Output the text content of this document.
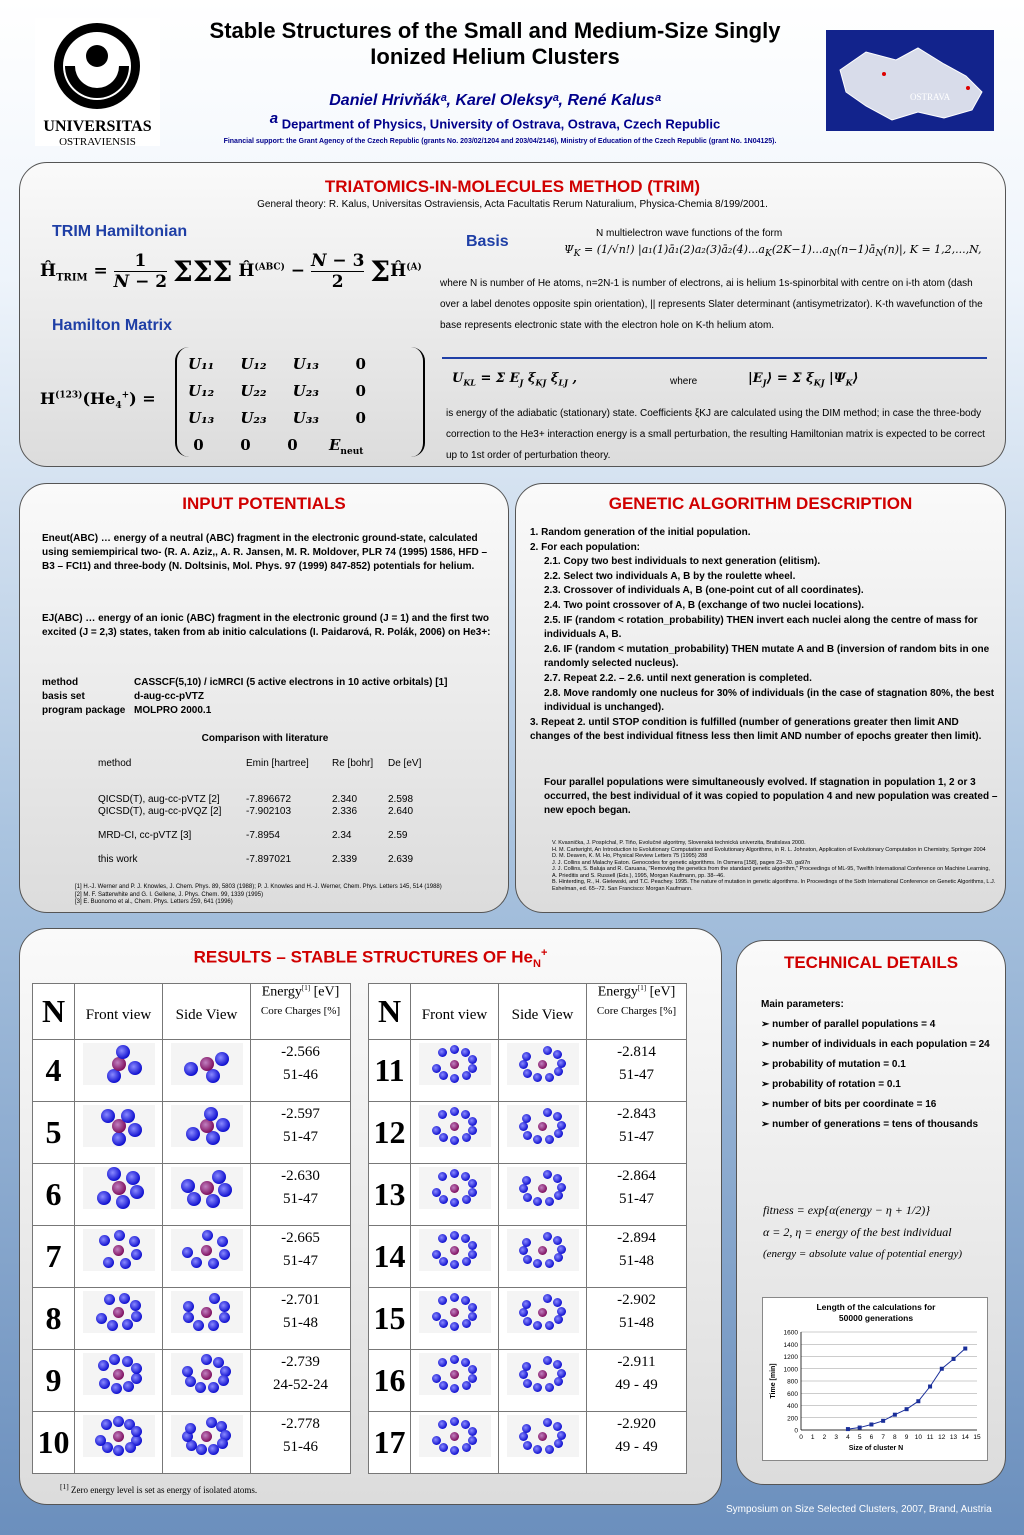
UNIVERSITAS
OSTRAVIENSIS
Stable Structures of the Small and Medium-Size Singly Ionized Helium Clusters
Daniel Hrivňákᵃ, Karel Oleksyᵃ, René Kalusᵃ
$^a$ Department of Physics, University of Ostrava, Ostrava, Czech Republic
Financial support: the Grant Agency of the Czech Republic (grants No. 203/02/1204 and 203/04/2146), Ministry of Education of the Czech Republic (grant No. 1N04125).
OSTRAVA
TRIATOMICS-IN-MOLECULES METHOD (TRIM)
General theory: R. Kalus, Universitas Ostraviensis, Acta Facultatis Rerum Naturalium, Physica-Chemia 8/199/2001.
TRIM Hamiltonian
$Ĥ_{TRIM}$ =	1
N − 2 ΣΣΣ $Ĥ^{(ABC)} - N - 3$
2 $\Sigma Ĥ^{(A)}$
Hamilton Matrix
$H^{(123)}(He_4^+)$ =
U₁₁     U₁₂     U₁₃       0
U₁₂     U₂₂     U₂₃       0
U₁₃     U₂₃     U₃₃       0
0       0       0      $E_{neut}$
Basis	N multielectron wave functions of the form
$\Psi_K = (1/√n!)$ $|a_1(1)ā_1(2)a_2(3)ā_2(4)...a_K(2K-1)...a_N(n-1)ā_N(n)|$, K = 1,2,...,N,
where N is number of He atoms, n=2N-1 is number of electrons, ai is helium 1s-spinorbital with centre on i-th atom (dash over a label denotes opposite spin orientation), || represents Slater determinant (antisymetrizator). K-th wavefunction of the base represents electronic state with the electron hole on K-th helium atom.
$U_{KL} = \Sigma$ $E_J$ $\xi_{KJ}$ $\xi_{LJ}$ ,	where	$|E_J⟩ = \Sigma$ $\xi_{KJ}$ $|\Psi_K⟩$
is energy of the adiabatic (stationary) state. Coefficients ξKJ are calculated using the DIM method; in case the three-body correction to the He3+ interaction energy is a small perturbation, the resulting Hamiltonian matrix is expected to be correct up to 1st order of perturbation theory.
INPUT POTENTIALS
Eneut(ABC) … energy of a neutral (ABC) fragment in the electronic ground-state, calculated using semiempirical two- (R. A. Aziz,, A. R. Jansen, M. R. Moldover, PLR 74 (1995) 1586, HFD – B3 – FCI1) and three-body (N. Doltsinis, Mol. Phys. 97 (1999) 847-852) potentials for helium.
EJ(ABC) … energy of an ionic (ABC) fragment in the electronic ground (J = 1) and the first two excited (J = 2,3) states, taken from ab initio calculations (I. Paidarová, R. Polák, 2006) on He3+:
method	CASSCF(5,10) / icMRCI (5 active electrons in 10 active orbitals) [1]
basis set	d-aug-cc-pVTZ
program package MOLPRO 2000.1
Comparison with literature
method	Emin [hartree]	Re [bohr]	De [eV]
QICSD(T), aug-cc-pVTZ [2]	-7.896672	2.340	2.598
QICSD(T), aug-cc-pVQZ [2]	-7.902103	2.336	2.640
MRD-CI, cc-pVTZ [3]	-7.8954	2.34	2.59
this work	-7.897021	2.339	2.639
[1] H.-J. Werner and P. J. Knowles, J. Chem. Phys. 89, 5803 (1988); P. J. Knowles and H.-J. Werner, Chem. Phys. Letters 145, 514 (1988)
[2] M. F. Satterwhite and G. I. Gellene, J. Phys. Chem. 99, 1339 (1995)
[3] E. Buonomo et al., Chem. Phys. Letters 259, 641 (1996)
GENETIC ALGORITHM DESCRIPTION
1. Random generation of the initial population.
2. For each population:
2.1. Copy two best individuals to next generation (elitism).
2.2. Select two individuals A, B by the roulette wheel.
2.3. Crossover of individuals A, B (one-point cut of all coordinates).
2.4. Two point crossover of A, B (exchange of two nuclei locations).
2.5. IF (random < rotation_probability) THEN invert each nuclei along the centre of mass for individuals A, B.
2.6. IF (random < mutation_probability) THEN mutate A and B (inversion of random bits in one randomly selected nucleus).
2.7. Repeat 2.2. – 2.6. until next generation is completed.
2.8. Move randomly one nucleus for 30% of individuals (in the case of stagnation 80%, the best individual is unchanged).
3. Repeat 2. until STOP condition is fulfilled (number of generations greater then limit AND changes of the best individual fitness less then limit AND number of epochs greater then limit).
Four parallel populations were simultaneously evolved. If stagnation in population 1, 2 or 3 occurred, the best individual of it was copied to population 4 and new population was created – new epoch began.
V. Kvasnička, J. Pospíchal, P. Tiňo, Evolučné algoritmy, Slovenská technická univerzita, Bratislava 2000.
H. M. Cartwright, An Introduction to Evolutionary Computation and Evolutionary Algorithms, in R. L. Johnston, Application of Evolutionary Computation in Chemistry, Springer 2004
D. M. Deaven, K. M. Ho, Physical Review Letters 75 (1995) 288
J. J. Collins and Malachy Eaton. Genocodes for genetic algorithms. In Osmera [158], pages 23--30. ga97n
J. J. Collins, S. Baluja and R. Caruana, "Removing the genetics from the standard genetic algorithm," Proceedings of ML-95, Twelfth International Conference on Machine Learning,
A. Prieditis and S. Russell (Eds.), 1995, Morgan Kaufmann, pp. 38--46.
B. Hinterding, R., H. Gielewski, and T.C. Peachey. 1995. The nature of mutation in genetic algorithms. In Proceedings of the Sixth International Conference on Genetic Algorithms, L.J. Eshelman, ed. 65--72. San Francisco: Morgan Kaufmann.
RESULTS – STABLE STRUCTURES OF $He_N^+$
N	Front view	Side View	Energy[1] [eV]
Core Charges [%]

4			-2.566
51-46

5			-2.597
51-47

6			-2.630
51-47

7			-2.665
51-47

8			-2.701
51-48

9			-2.739
24-52-24

10			-2.778
51-46
N	Front view	Side View	Energy[1] [eV]
Core Charges [%]

11			-2.814
51-47

12			-2.843
51-47

13			-2.864
51-47

14			-2.894
51-48

15			-2.902
51-48

16			-2.911
49 - 49

17			-2.920
49 - 49
[1] Zero energy level is set as energy of isolated atoms.
TECHNICAL DETAILS
Main parameters:
➢ number of parallel populations = 4
➢ number of individuals in each population = 24
➢ probability of mutation = 0.1
➢ probability of rotation = 0.1
➢ number of bits per coordinate = 16
➢ number of generations = tens of thousands
fitness = exp{α(energy − η + 1/2)}
α = 2, η = energy of the best individual
(energy = absolute value of potential energy)
Length of the calculations for
50000 generations
0
200
400
600
800
1000
1200
1400
1600
0 1 2 3 4 5 6 7 8 9 10 11 12 13 14 15
Size of cluster N
Time [min]
Symposium on Size Selected Clusters, 2007, Brand, Austria
